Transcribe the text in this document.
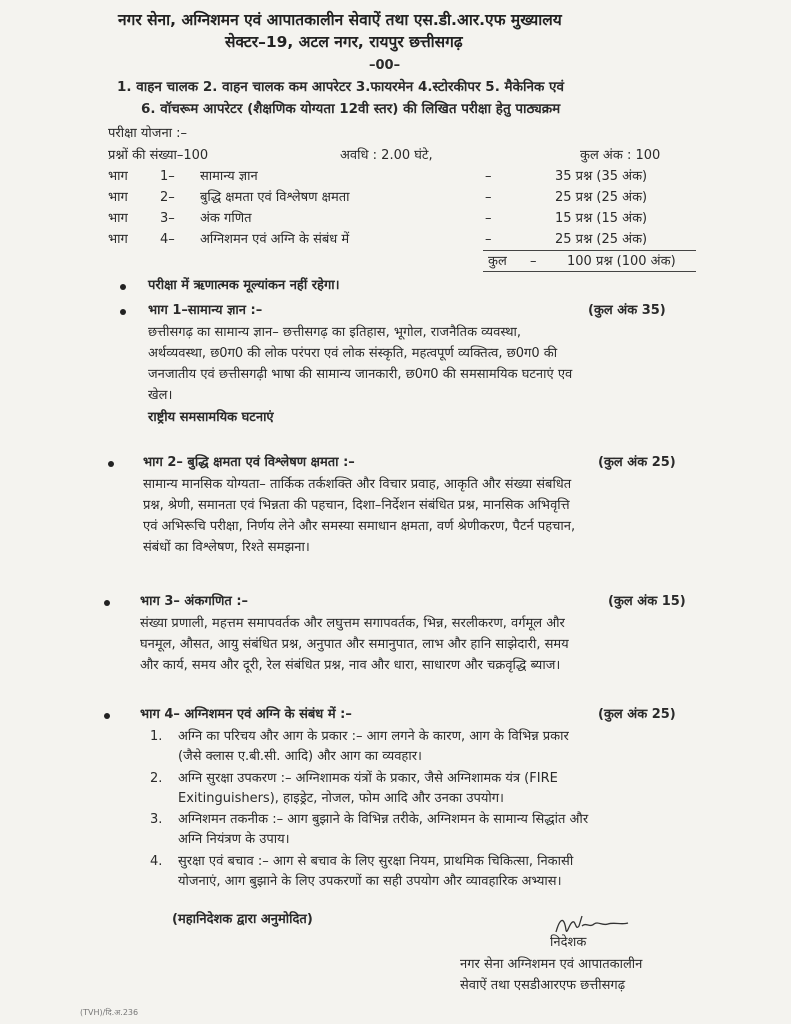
नगर सेना, अग्निशमन एवं आपातकालीन सेवाऐं तथा एस.डी.आर.एफ मुख्यालय
सेक्टर–19, अटल नगर, रायपुर छत्तीसगढ़
–00–
1. वाहन चालक 2. वाहन चालक कम आपरेटर 3.फायरमेन 4.स्टोरकीपर 5. मैकेनिक एवं
6. वॉचरूम आपरेटर (शैक्षणिक योग्यता 12वी स्तर) की लिखित परीक्षा हेतु पाठ्यक्रम
परीक्षा योजना :–
प्रश्नों की संख्या–100	अवधि : 2.00 घंटे,	कुल अंक : 100
भाग 1– सामान्य ज्ञान	–	35 प्रश्न (35 अंक)
भाग 2– बुद्धि क्षमता एवं विश्लेषण क्षमता	–	25 प्रश्न (25 अंक)
भाग 3– अंक गणित	–	15 प्रश्न (15 अंक)
भाग 4– अग्निशमन एवं अग्नि के संबंध में	–	25 प्रश्न (25 अंक)
कुल – 100 प्रश्न (100 अंक)
परीक्षा में ऋणात्मक मूल्यांकन नहीं रहेगा।
भाग 1–सामान्य ज्ञान :–	(कुल अंक 35)
छत्तीसगढ़ का सामान्य ज्ञान– छत्तीसगढ़ का इतिहास, भूगोल, राजनैतिक व्यवस्था,
अर्थव्यवस्था, छ0ग0 की लोक परंपरा एवं लोक संस्कृति, महत्वपूर्ण व्यक्तित्व, छ0ग0 की
जनजातीय एवं छत्तीसगढ़ी भाषा की सामान्य जानकारी, छ0ग0 की समसामयिक घटनाएं एव
खेल।
राष्ट्रीय समसामयिक घटनाएं
भाग 2– बुद्धि क्षमता एवं विश्लेषण क्षमता :–	(कुल अंक 25)
सामान्य मानसिक योग्यता– तार्किक तर्कशक्ति और विचार प्रवाह, आकृति और संख्या संबधित
प्रश्न, श्रेणी, समानता एवं भिन्नता की पहचान, दिशा–निर्देशन संबंधित प्रश्न, मानसिक अभिवृत्ति
एवं अभिरूचि परीक्षा, निर्णय लेने और समस्या समाधान क्षमता, वर्ण श्रेणीकरण, पैटर्न पहचान,
संबंधों का विश्लेषण, रिश्ते समझना।
भाग 3– अंकगणित :–	(कुल अंक 15)
संख्या प्रणाली, महत्तम समापवर्तक और लघुत्तम सगापवर्तक, भिन्न, सरलीकरण, वर्गमूल और
घनमूल, औसत, आयु संबंधित प्रश्न, अनुपात और समानुपात, लाभ और हानि साझेदारी, समय
और कार्य, समय और दूरी, रेल संबंधित प्रश्न, नाव और धारा, साधारण और चक्रवृद्धि ब्याज।
भाग 4– अग्निशमन एवं अग्नि के संबंध में :–	(कुल अंक 25)
1. अग्नि का परिचय और आग के प्रकार :– आग लगने के कारण, आग के विभिन्न प्रकार
(जैसे क्लास ए.बी.सी. आदि) और आग का व्यवहार।
2. अग्नि सुरक्षा उपकरण :– अग्निशामक यंत्रों के प्रकार, जैसे अग्निशामक यंत्र (FIRE
Exitinguishers), हाइड्रेट, नोजल, फोम आदि और उनका उपयोग।
3. अग्निशमन तकनीक :– आग बुझाने के विभिन्न तरीके, अग्निशमन के सामान्य सिद्धांत और
अग्नि नियंत्रण के उपाय।
4. सुरक्षा एवं बचाव :– आग से बचाव के लिए सुरक्षा नियम, प्राथमिक चिकित्सा, निकासी
योजनाएं, आग बुझाने के लिए उपकरणों का सही उपयोग और व्यावहारिक अभ्यास।
(महानिदेशक द्वारा अनुमोदित)
निदेशक
नगर सेना अग्निशमन एवं आपातकालीन
सेवाऐं तथा एसडीआरएफ छत्तीसगढ़
(TVH)/दि.अ.236
